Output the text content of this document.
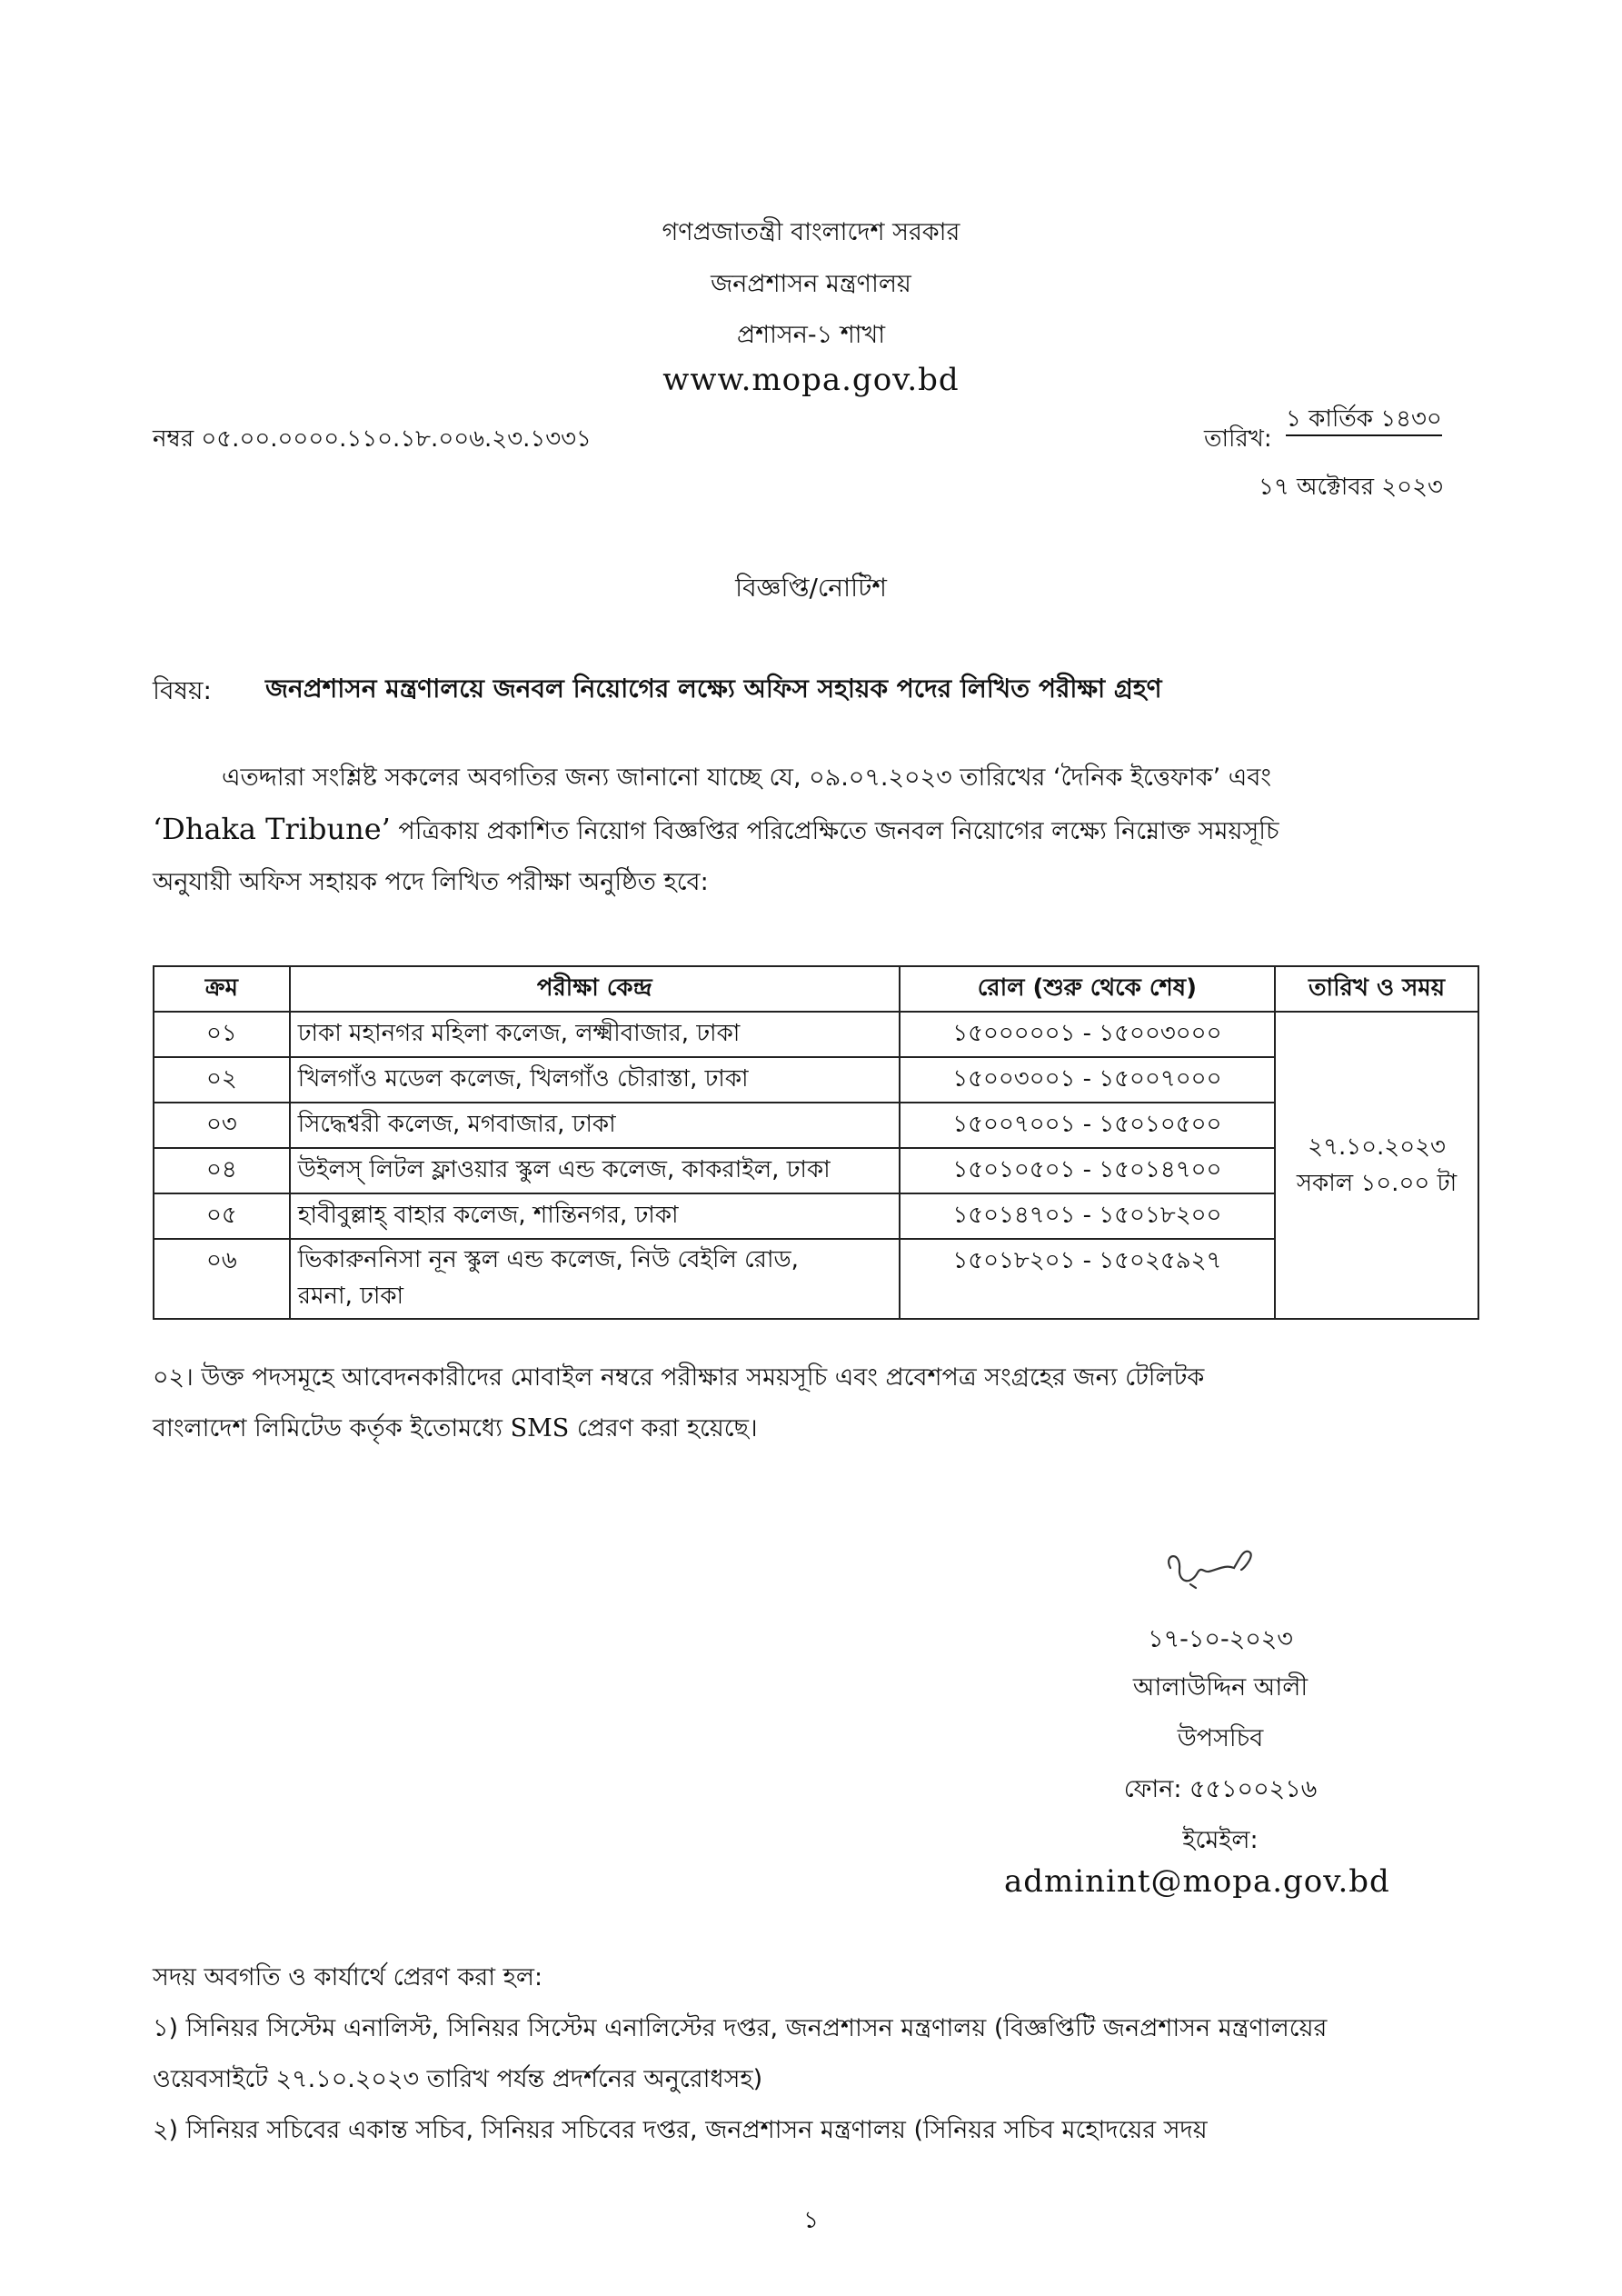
গণপ্রজাতন্ত্রী বাংলাদেশ সরকার
জনপ্রশাসন মন্ত্রণালয়
প্রশাসন-১ শাখা
www.mopa.gov.bd
নম্বর ০৫.০০.০০০০.১১০.১৮.০০৬.২৩.১৩৩১	তারিখ:
১ কার্তিক ১৪৩০
১৭ অক্টোবর ২০২৩
বিজ্ঞপ্তি/নোটিশ
বিষয়: জনপ্রশাসন মন্ত্রণালয়ে জনবল নিয়োগের লক্ষ্যে অফিস সহায়ক পদের লিখিত পরীক্ষা গ্রহণ
এতদ্দারা সংশ্লিষ্ট সকলের অবগতির জন্য জানানো যাচ্ছে যে, ০৯.০৭.২০২৩ তারিখের ‘দৈনিক ইত্তেফাক’ এবং
‘Dhaka Tribune’ পত্রিকায় প্রকাশিত নিয়োগ বিজ্ঞপ্তির পরিপ্রেক্ষিতে জনবল নিয়োগের লক্ষ্যে নিম্নোক্ত সময়সূচি
অনুযায়ী অফিস সহায়ক পদে লিখিত পরীক্ষা অনুষ্ঠিত হবে:
ক্রম	পরীক্ষা কেন্দ্র	রোল (শুরু থেকে শেষ)	তারিখ ও সময়
০১	ঢাকা মহানগর মহিলা কলেজ, লক্ষ্মীবাজার, ঢাকা	১৫০০০০০১ - ১৫০০৩০০০	২৭.১০.২০২৩
সকাল ১০.০০ টা

০২	খিলগাঁও মডেল কলেজ, খিলগাঁও চৌরাস্তা, ঢাকা	১৫০০৩০০১ - ১৫০০৭০০০	
০৩	সিদ্ধেশ্বরী কলেজ, মগবাজার, ঢাকা	১৫০০৭০০১ - ১৫০১০৫০০	
০৪	উইলস্ লিটল ফ্লাওয়ার স্কুল এন্ড কলেজ, কাকরাইল, ঢাকা	১৫০১০৫০১ - ১৫০১৪৭০০	
০৫	হাবীবুল্লাহ্ বাহার কলেজ, শান্তিনগর, ঢাকা	১৫০১৪৭০১ - ১৫০১৮২০০	
০৬	ভিকারুননিসা নূন স্কুল এন্ড কলেজ, নিউ বেইলি রোড,
রমনা, ঢাকা	১৫০১৮২০১ - ১৫০২৫৯২৭	
০২। উক্ত পদসমূহে আবেদনকারীদের মোবাইল নম্বরে পরীক্ষার সময়সূচি এবং প্রবেশপত্র সংগ্রহের জন্য টেলিটক
বাংলাদেশ লিমিটেড কর্তৃক ইতোমধ্যে SMS প্রেরণ করা হয়েছে।
১৭-১০-২০২৩
আলাউদ্দিন আলী
উপসচিব
ফোন: ৫৫১০০২১৬
ইমেইল:
adminint@mopa.gov.bd
সদয় অবগতি ও কার্যার্থে প্রেরণ করা হল:
১) সিনিয়র সিস্টেম এনালিস্ট, সিনিয়র সিস্টেম এনালিস্টের দপ্তর, জনপ্রশাসন মন্ত্রণালয় (বিজ্ঞপ্তিটি জনপ্রশাসন মন্ত্রণালয়ের
ওয়েবসাইটে ২৭.১০.২০২৩ তারিখ পর্যন্ত প্রদর্শনের অনুরোধসহ)
২) সিনিয়র সচিবের একান্ত সচিব, সিনিয়র সচিবের দপ্তর, জনপ্রশাসন মন্ত্রণালয় (সিনিয়র সচিব মহোদয়ের সদয়
১
